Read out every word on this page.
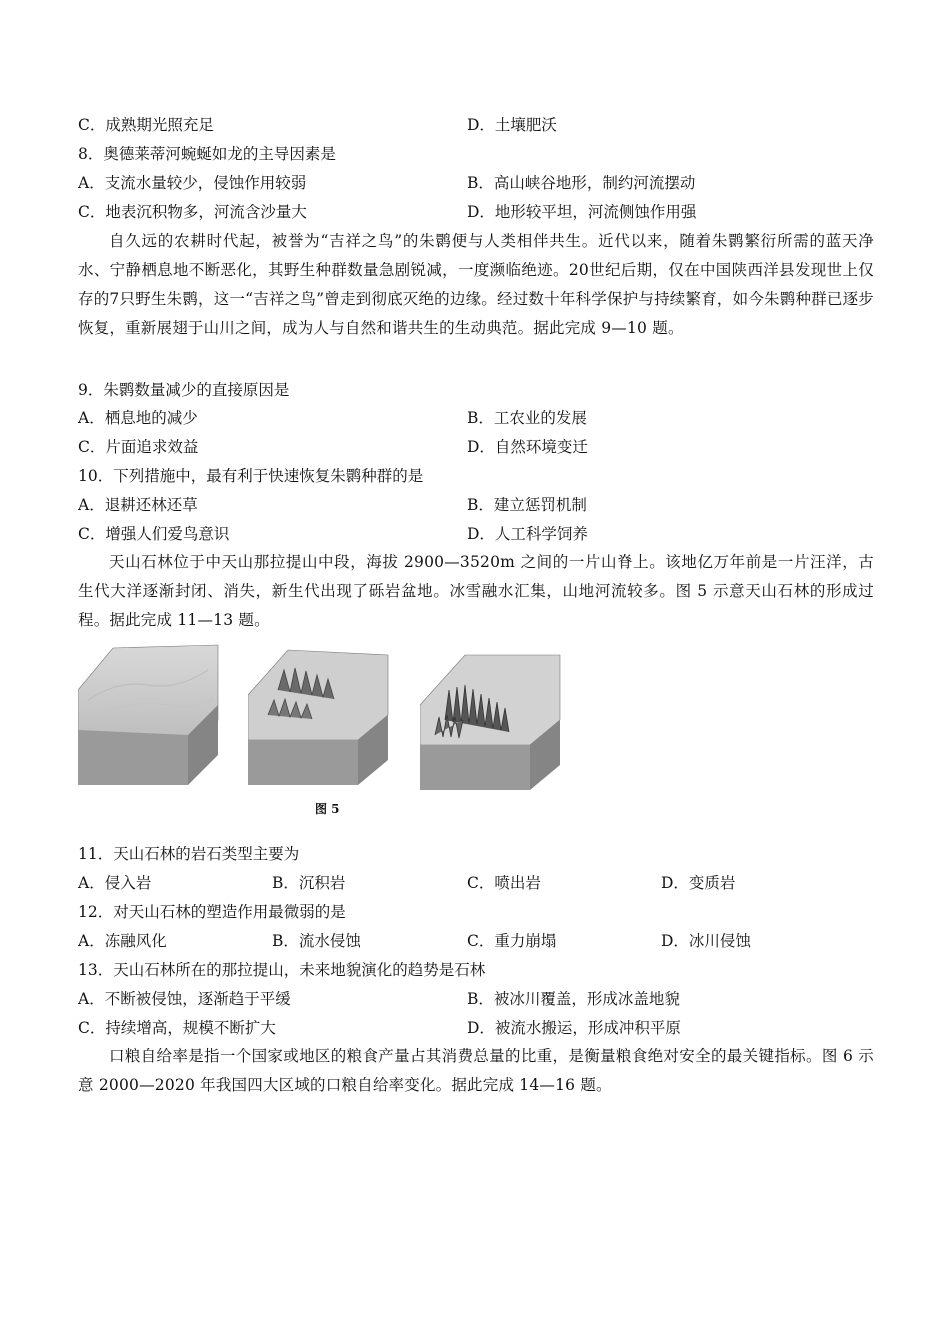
C．成熟期光照充足	D．土壤肥沃
8．奥德莱蒂河蜿蜒如龙的主导因素是
A．支流水量较少，侵蚀作用较弱	B．高山峡谷地形，制约河流摆动
C．地表沉积物多，河流含沙量大	D．地形较平坦，河流侧蚀作用强
自久远的农耕时代起，被誉为“吉祥之鸟”的朱鹮便与人类相伴共生。近代以来，随着朱鹮繁衍所需的蓝天净水、宁静栖息地不断恶化，其野生种群数量急剧锐减，一度濒临绝迹。20世纪后期，仅在中国陕西洋县发现世上仅存的7只野生朱鹮，这一“吉祥之鸟”曾走到彻底灭绝的边缘。经过数十年科学保护与持续繁育，如今朱鹮种群已逐步恢复，重新展翅于山川之间，成为人与自然和谐共生的生动典范。据此完成 9—10 题。
9．朱鹮数量减少的直接原因是
A．栖息地的减少	B．工农业的发展
C．片面追求效益	D．自然环境变迁
10．下列措施中，最有利于快速恢复朱鹮种群的是
A．退耕还林还草	B．建立惩罚机制
C．增强人们爱鸟意识	D．人工科学饲养
天山石林位于中天山那拉提山中段，海拔 2900—3520m 之间的一片山脊上。该地亿万年前是一片汪洋，古生代大洋逐渐封闭、消失，新生代出现了砾岩盆地。冰雪融水汇集，山地河流较多。图 5 示意天山石林的形成过程。据此完成 11—13 题。
图 5
11．天山石林的岩石类型主要为
A．侵入岩	B．沉积岩	C．喷出岩	D．变质岩
12．对天山石林的塑造作用最微弱的是
A．冻融风化	B．流水侵蚀	C．重力崩塌	D．冰川侵蚀
13．天山石林所在的那拉提山，未来地貌演化的趋势是石林
A．不断被侵蚀，逐渐趋于平缓	B．被冰川覆盖，形成冰盖地貌
C．持续增高，规模不断扩大	D．被流水搬运，形成冲积平原
口粮自给率是指一个国家或地区的粮食产量占其消费总量的比重，是衡量粮食绝对安全的最关键指标。图 6 示意 2000—2020 年我国四大区域的口粮自给率变化。据此完成 14—16 题。
